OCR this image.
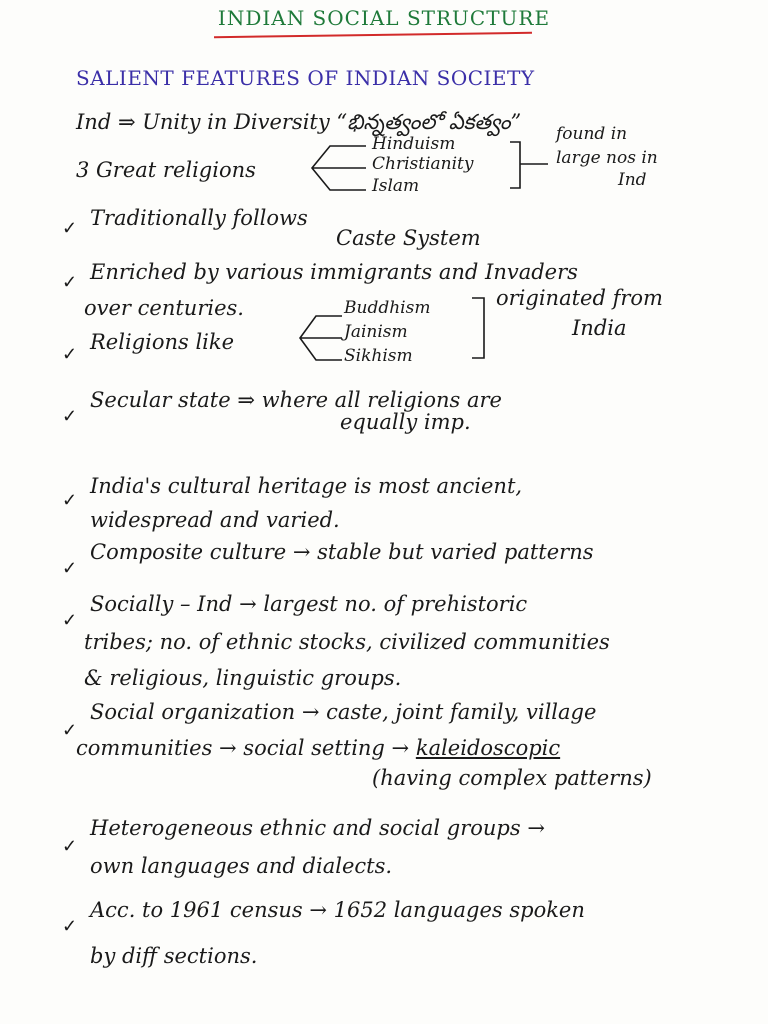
INDIAN SOCIAL STRUCTURE
SALIENT FEATURES OF INDIAN SOCIETY
Ind ⇒ Unity in Diversity “భిన్నత్వంలో ఏకత్వం”
3 Great religions
Hinduism
Christianity
Islam
found in
large nos in
Ind
✓ Traditionally follows
Caste System
✓ Enriched by various immigrants and Invaders
over centuries.
✓
Religions like
Buddhism
Jainism
Sikhism
originated from
India
✓
Secular state ⇒ where all religions are
equally imp.
✓
India's cultural heritage is most ancient,
widespread and varied.
✓
Composite culture → stable but varied patterns
✓
Socially – Ind → largest no. of prehistoric
tribes; no. of ethnic stocks, civilized communities
& religious, linguistic groups.
✓
Social organization → caste, joint family, village
communities → social setting → kaleidoscopic
(having complex patterns)
✓
Heterogeneous ethnic and social groups →
own languages and dialects.
✓
Acc. to 1961 census → 1652 languages spoken
by diff sections.
